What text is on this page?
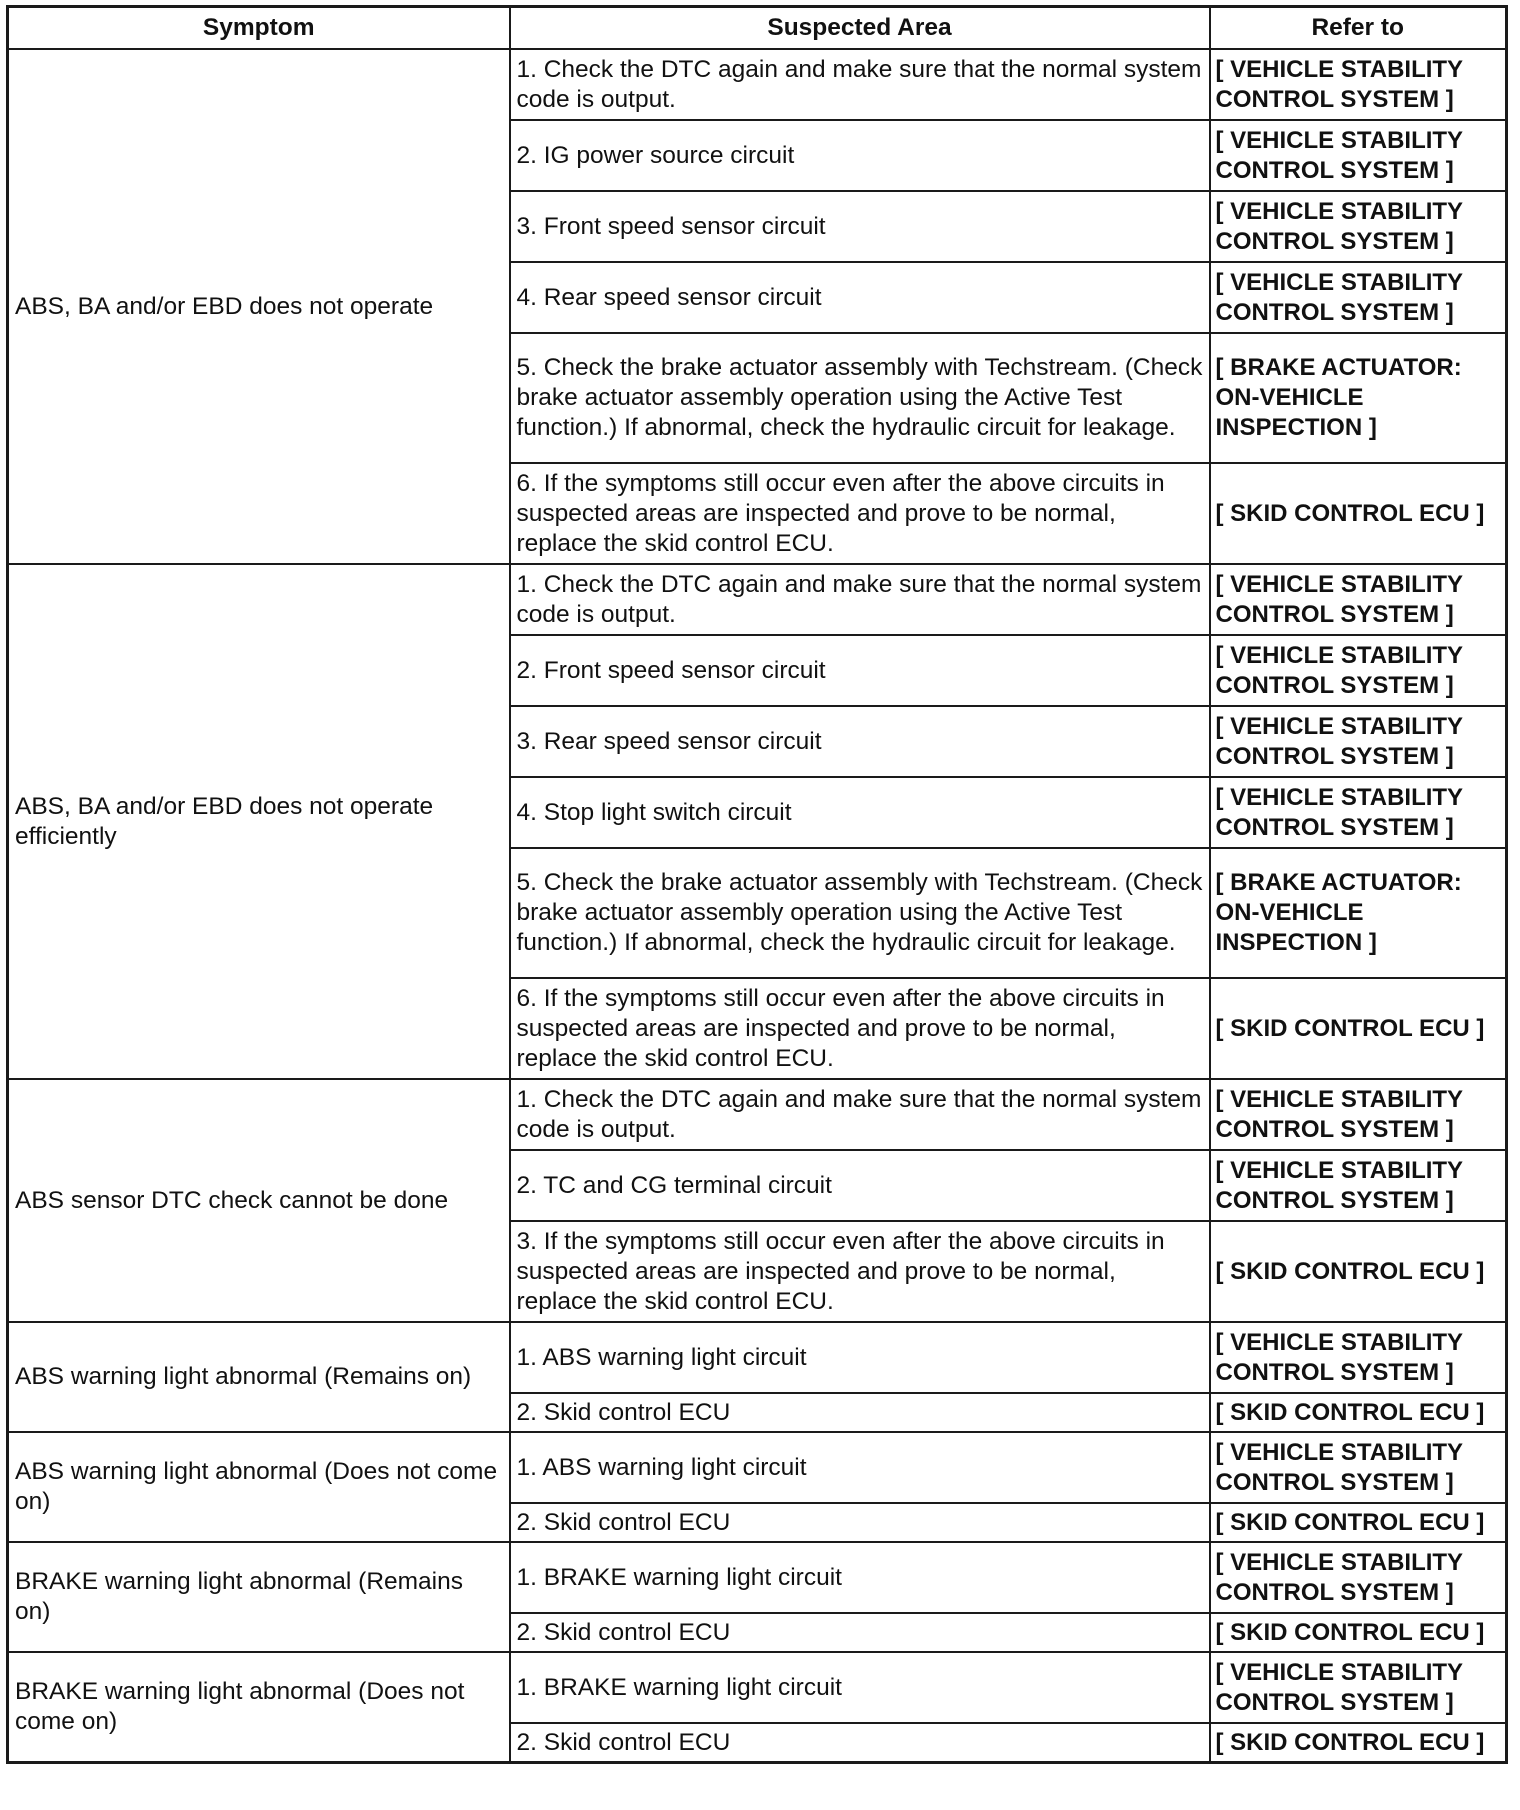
Symptom	Suspected Area	Refer to
ABS, BA and/or EBD does not operate	1. Check the DTC again and make sure that the normal system code is output.	[ VEHICLE STABILITY CONTROL SYSTEM ]
	2. IG power source circuit	[ VEHICLE STABILITY CONTROL SYSTEM ]
	3. Front speed sensor circuit	[ VEHICLE STABILITY CONTROL SYSTEM ]
	4. Rear speed sensor circuit	[ VEHICLE STABILITY CONTROL SYSTEM ]
	5. Check the brake actuator assembly with Techstream. (Check brake actuator assembly operation using the Active Test function.) If abnormal, check the hydraulic circuit for leakage.	[ BRAKE ACTUATOR: ON-VEHICLE INSPECTION ]
	6. If the symptoms still occur even after the above circuits in suspected areas are inspected and prove to be normal, replace the skid control ECU.	[ SKID CONTROL ECU ]
ABS, BA and/or EBD does not operate efficiently	1. Check the DTC again and make sure that the normal system code is output.	[ VEHICLE STABILITY CONTROL SYSTEM ]
	2. Front speed sensor circuit	[ VEHICLE STABILITY CONTROL SYSTEM ]
	3. Rear speed sensor circuit	[ VEHICLE STABILITY CONTROL SYSTEM ]
	4. Stop light switch circuit	[ VEHICLE STABILITY CONTROL SYSTEM ]
	5. Check the brake actuator assembly with Techstream. (Check brake actuator assembly operation using the Active Test function.) If abnormal, check the hydraulic circuit for leakage.	[ BRAKE ACTUATOR: ON-VEHICLE INSPECTION ]
	6. If the symptoms still occur even after the above circuits in suspected areas are inspected and prove to be normal, replace the skid control ECU.	[ SKID CONTROL ECU ]
ABS sensor DTC check cannot be done	1. Check the DTC again and make sure that the normal system code is output.	[ VEHICLE STABILITY CONTROL SYSTEM ]
	2. TC and CG terminal circuit	[ VEHICLE STABILITY CONTROL SYSTEM ]
	3. If the symptoms still occur even after the above circuits in suspected areas are inspected and prove to be normal, replace the skid control ECU.	[ SKID CONTROL ECU ]
ABS warning light abnormal (Remains on)	1. ABS warning light circuit	[ VEHICLE STABILITY CONTROL SYSTEM ]
	2. Skid control ECU	[ SKID CONTROL ECU ]
ABS warning light abnormal (Does not come on)	1. ABS warning light circuit	[ VEHICLE STABILITY CONTROL SYSTEM ]
	2. Skid control ECU	[ SKID CONTROL ECU ]
BRAKE warning light abnormal (Remains on)	1. BRAKE warning light circuit	[ VEHICLE STABILITY CONTROL SYSTEM ]
	2. Skid control ECU	[ SKID CONTROL ECU ]
BRAKE warning light abnormal (Does not come on)	1. BRAKE warning light circuit	[ VEHICLE STABILITY CONTROL SYSTEM ]
	2. Skid control ECU	[ SKID CONTROL ECU ]
